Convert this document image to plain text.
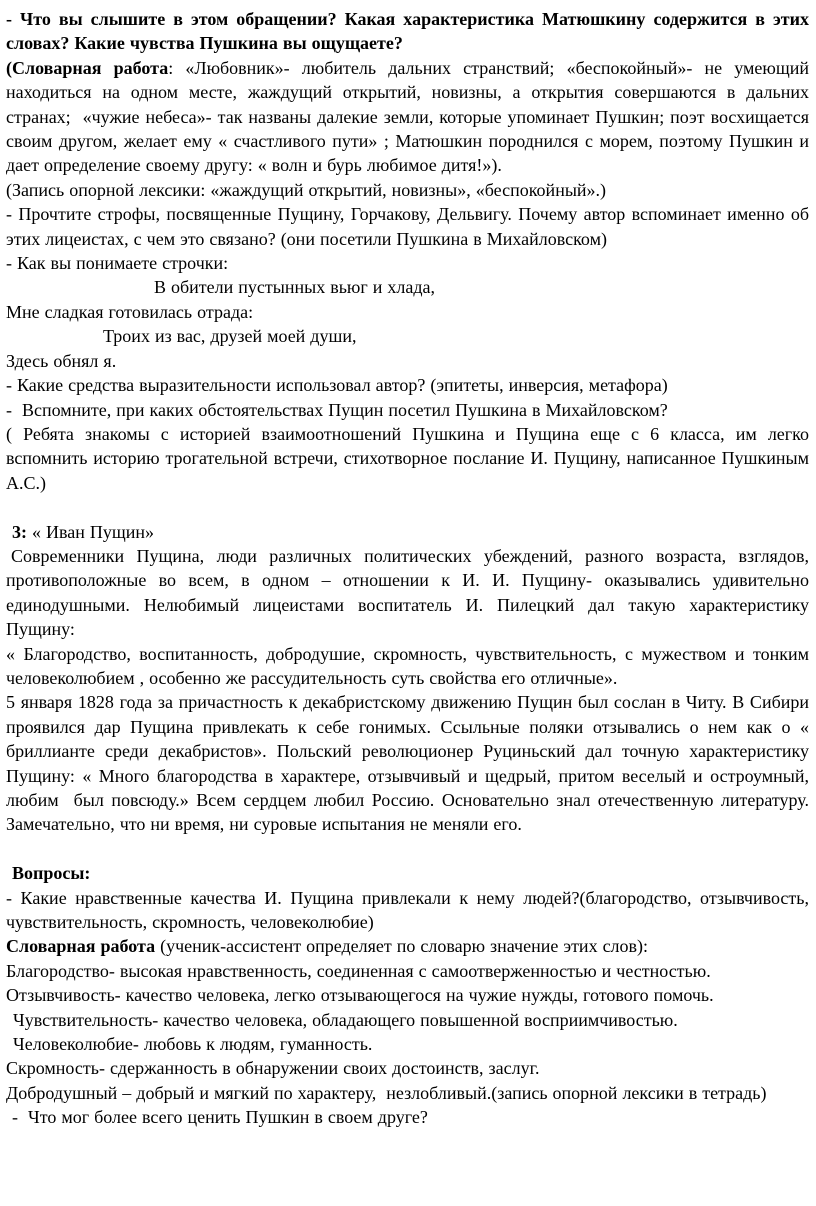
- Что вы слышите в этом обращении? Какая характеристика Матюшкину содержится в этих словах? Какие чувства Пушкина вы ощущаете?

(Словарная работа: «Любовник»- любитель дальних странствий; «беспокойный»- не умеющий находиться на одном месте, жаждущий открытий, новизны, а открытия совершаются в дальних странах;  «чужие небеса»- так названы далекие земли, которые упоминает Пушкин; поэт восхищается своим другом, желает ему « счастливого пути» ; Матюшкин породнился с морем, поэтому Пушкин и дает определение своему другу: « волн и бурь любимое дитя!»).

(Запись опорной лексики: «жаждущий открытий, новизны», «беспокойный».)

- Прочтите строфы, посвященные Пущину, Горчакову, Дельвигу. Почему автор вспоминает именно об этих лицеистах, с чем это связано? (они посетили Пушкина в Михайловском)

- Как вы понимаете строчки:

В обители пустынных вьюг и хлада,

Мне сладкая готовилась отрада:

Троих из вас, друзей моей души,

Здесь обнял я.

- Какие средства выразительности использовал автор? (эпитеты, инверсия, метафора)

-  Вспомните, при каких обстоятельствах Пущин посетил Пушкина в Михайловском?

( Ребята знакомы с историей взаимоотношений Пушкина и Пущина еще с 6 класса, им легко вспомнить историю трогательной встречи, стихотворное послание И. Пущину, написанное Пушкиным А.С.)

3: « Иван Пущин»

Современники Пущина, люди различных политических убеждений, разного возраста, взглядов, противоположные во всем, в одном – отношении к И. И. Пущину- оказывались удивительно единодушными. Нелюбимый лицеистами воспитатель И. Пилецкий дал такую характеристику Пущину:

« Благородство, воспитанность, добродушие, скромность, чувствительность, с мужеством и тонким человеколюбием , особенно же рассудительность суть свойства его отличные».

5 января 1828 года за причастность к декабристскому движению Пущин был сослан в Читу. В Сибири проявился дар Пущина привлекать к себе гонимых. Ссыльные поляки отзывались о нем как о « бриллианте среди декабристов». Польский революционер Руциньский дал точную характеристику Пущину: « Много благородства в характере, отзывчивый и щедрый, притом веселый и остроумный, любим  был повсюду.» Всем сердцем любил Россию. Основательно знал отечественную литературу. Замечательно, что ни время, ни суровые испытания не меняли его.

Вопросы:

- Какие нравственные качества И. Пущина привлекали к нему людей?(благородство, отзывчивость, чувствительность, скромность, человеколюбие)

Словарная работа (ученик-ассистент определяет по словарю значение этих слов):

Благородство- высокая нравственность, соединенная с самоотверженностью и честностью.

Отзывчивость- качество человека, легко отзывающегося на чужие нужды, готового помочь.

Чувствительность- качество человека, обладающего повышенной восприимчивостью.

Человеколюбие- любовь к людям, гуманность.

Скромность- сдержанность в обнаружении своих достоинств, заслуг.

Добродушный – добрый и мягкий по характеру,  незлобливый.(запись опорной лексики в тетрадь)

-  Что мог более всего ценить Пушкин в своем друге?
